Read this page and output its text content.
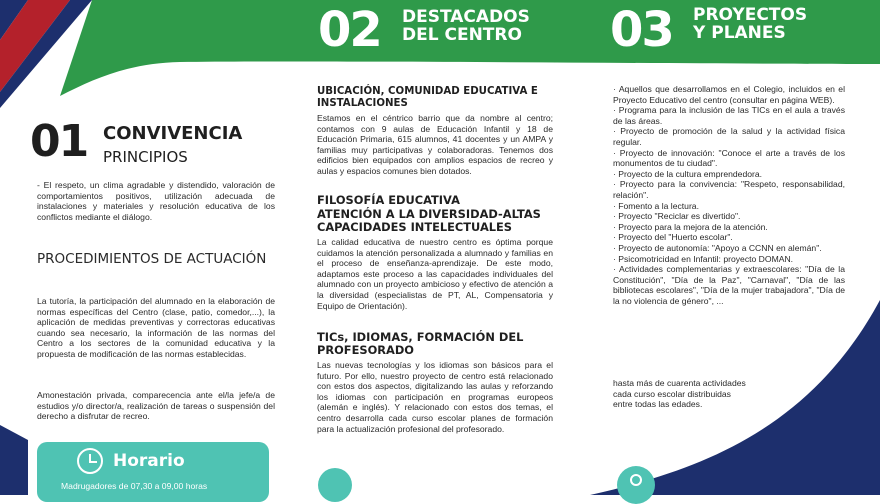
01 CONVIVENCIA
PRINCIPIOS
- El respeto, un clima agradable y distendido, valoración de comportamientos positivos, utilización adecuada de instalaciones y materiales y resolución educativa de los conflictos mediante el diálogo.
PROCEDIMIENTOS DE ACTUACIÓN
La tutoría, la participación del alumnado en la elaboración de normas específicas del Centro (clase, patio, comedor,...), la aplicación de medidas preventivas y correctoras educativas cuando sea necesario, la información de las normas del Centro a los sectores de la comunidad educativa y la propuesta de modificación de las normas establecidas.
Amonestación privada, comparecencia ante el/la jefe/a de estudios y/o director/a, realización de tareas o suspensión del derecho a disfrutar de recreo.
Horario
Madrugadores de 07,30 a 09,00 horas
02 DESTACADOS
DEL CENTRO
UBICACIÓN, COMUNIDAD EDUCATIVA E INSTALACIONES
Estamos en el céntrico barrio que da nombre al centro; contamos con 9 aulas de Educación Infantil y 18 de Educación Primaria, 615 alumnos, 41 docentes y un AMPA y familias muy participativas y colaboradoras. Tenemos dos edificios bien equipados con amplios espacios de recreo y aulas y espacios comunes bien dotados.
FILOSOFÍA EDUCATIVA
ATENCIÓN A LA DIVERSIDAD-ALTAS CAPACIDADES INTELECTUALES
La calidad educativa de nuestro centro es óptima porque cuidamos la atención personalizada a alumnado y familias en el proceso de enseñanza-aprendizaje. De este modo, adaptamos este proceso a las capacidades individuales del alumnado con un proyecto ambicioso y efectivo de atención a la diversidad (especialistas de PT, AL, Compensatoria y Equipo de Orientación).
TICs, IDIOMAS, FORMACIÓN DEL PROFESORADO
Las nuevas tecnologías y los idiomas son básicos para el futuro. Por ello, nuestro proyecto de centro está relacionado con estos dos aspectos, digitalizando las aulas y reforzando los idiomas con participación en programas europeos (alemán e inglés). Y relacionado con estos dos temas, el centro desarrolla cada curso escolar planes de formación para la actualización profesional del profesorado.
03 PROYECTOS
Y PLANES
· Aquellos que desarrollamos en el Colegio, incluidos en el Proyecto Educativo del centro (consultar en página WEB).
· Programa para la inclusión de las TICs en el aula a través de las áreas.
· Proyecto de promoción de la salud y la actividad física regular.
· Proyecto de innovación: "Conoce el arte a través de los monumentos de tu ciudad".
· Proyecto de la cultura emprendedora.
· Proyecto para la convivencia: "Respeto, responsabilidad, relación".
· Fomento a la lectura.
· Proyecto "Reciclar es divertido".
· Proyecto para la mejora de la atención.
· Proyecto del "Huerto escolar".
· Proyecto de autonomía: "Apoyo a CCNN en alemán".
· Psicomotricidad en Infantil: proyecto DOMAN.
· Actividades complementarias y extraescolares: "Día de la Constitución", "Día de la Paz", "Carnaval", "Día de las bibliotecas escolares", "Día de la mujer trabajadora", "Día de la no violencia de género", ...
hasta más de cuarenta actividades
cada curso escolar distribuidas
entre todas las edades.
